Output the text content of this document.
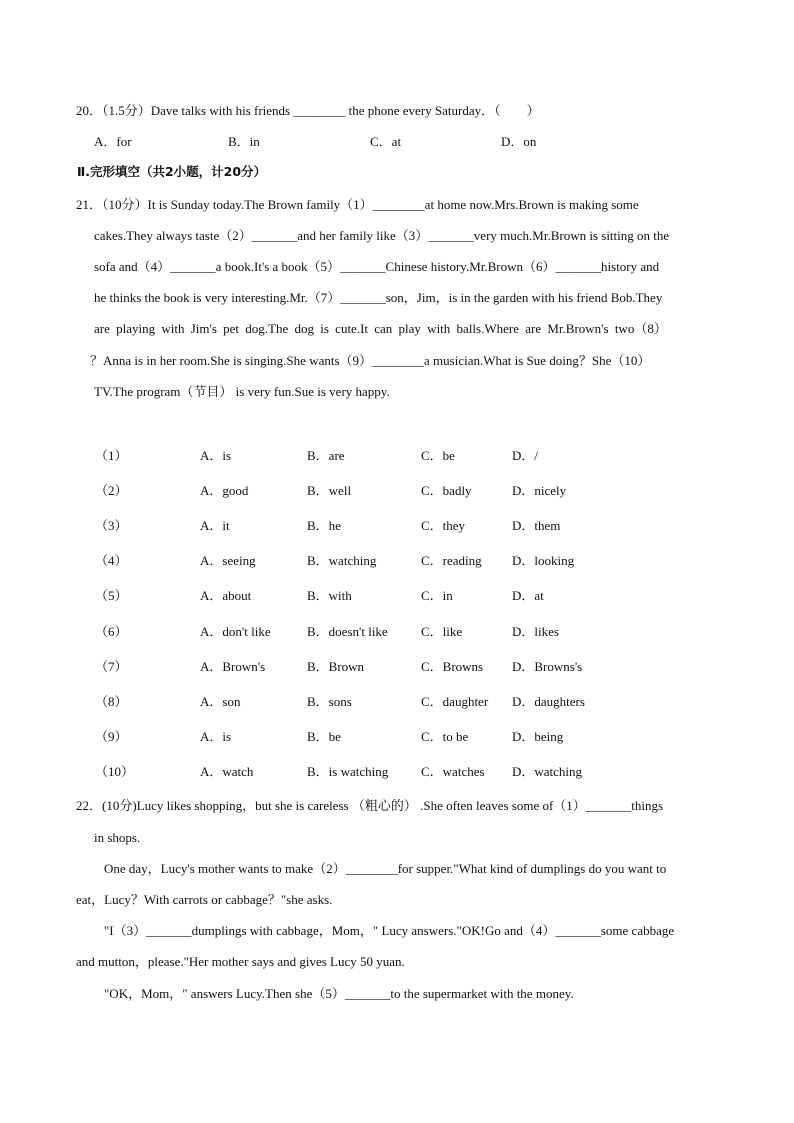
20．（1.5分）Dave talks with his friends ________ the phone every Saturday．（　　）
A．for	B．in	C．at	D．on
Ⅱ.完形填空（共2小题，计20分）
21．（10分）It is Sunday today.The Brown family（1）________at home now.Mrs.Brown is making some
cakes.They always taste（2）_______and her family like（3）_______very much.Mr.Brown is sitting on the
sofa and（4）_______a book.It's a book（5）_______Chinese history.Mr.Brown（6）_______history and
he thinks the book is very interesting.Mr.（7）_______son，Jim，is in the garden with his friend Bob.They
are playing with Jim's pet dog.The dog is cute.It can play with balls.Where are Mr.Brown's two（8）
？Anna is in her room.She is singing.She wants（9）________a musician.What is Sue doing？She（10）
TV.The program（节目） is very fun.Sue is very happy.
（1）	A．is	B．are	C．be	D．/
（2）	A．good	B．well	C．badly	D．nicely
（3）	A．it	B．he	C．they	D．them
（4）	A．seeing	B．watching	C．reading D．looking
（5）	A．about	B．with	C．in	D．at
（6）	A．don't like	B．doesn't like	C．like	D．likes
（7）	A．Brown's	B．Brown	C．Browns D．Browns's
（8）	A．son	B．sons	C．daughter D．daughters
（9）	A．is	B．be	C．to be	D．being
（10）	A．watch	B．is watching	C．watches D．watching
22．(10分)Lucy likes shopping，but she is careless （粗心的） .She often leaves some of（1）_______things
in shops.
One day，Lucy's mother wants to make（2）________for supper."What kind of dumplings do you want to
eat，Lucy？With carrots or cabbage？"she asks.
"I（3）_______dumplings with cabbage，Mom，" Lucy answers."OK!Go and（4）_______some cabbage
and mutton，please."Her mother says and gives Lucy 50 yuan.
"OK，Mom，" answers Lucy.Then she（5）_______to the supermarket with the money.
